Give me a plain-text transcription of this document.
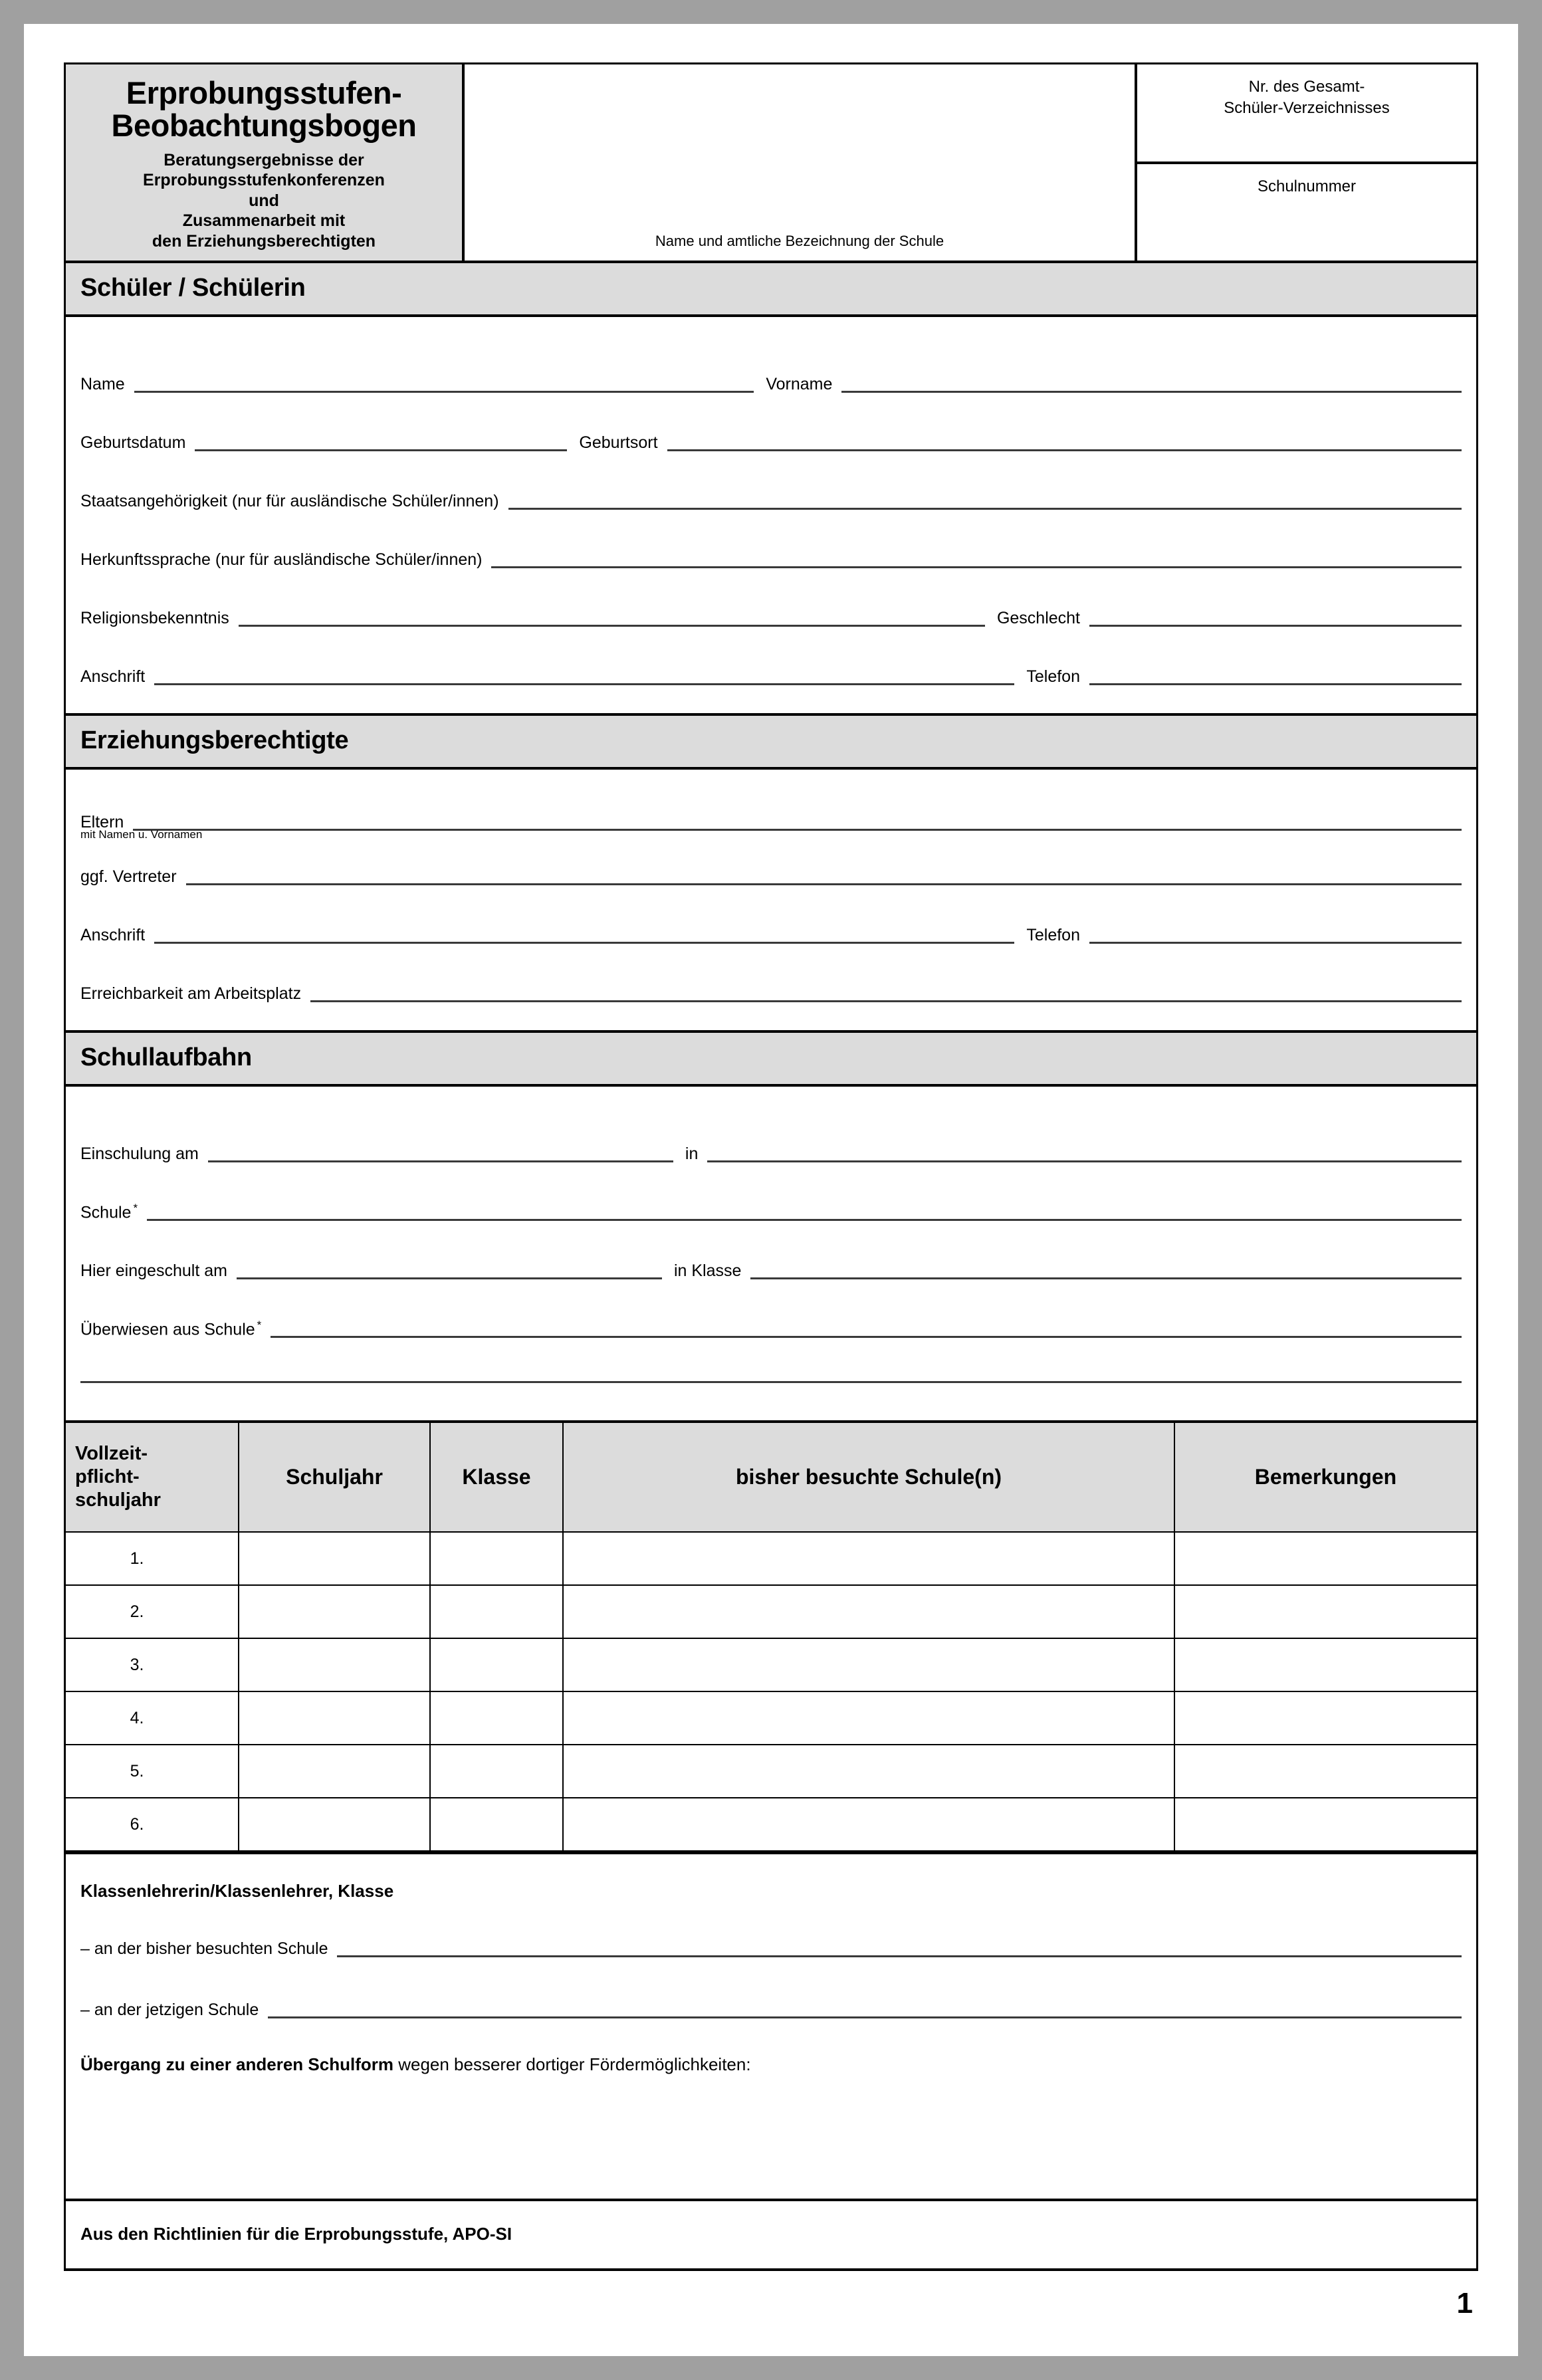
Erprobungsstufen-
Beobachtungsbogen
Beratungsergebnisse der
Erprobungsstufenkonferenzen
und
Zusammenarbeit mit
den Erziehungsberechtigten	Name und amtliche Bezeichnung der Schule
Nr. des Gesamt-
Schüler-Verzeichnisses
Schulnummer
Schüler / Schülerin
Name	Vorname
Geburtsdatum	Geburtsort
Staatsangehörigkeit (nur für ausländische Schüler/innen)
Herkunftssprache (nur für ausländische Schüler/innen)
Religionsbekenntnis	Geschlecht
Anschrift	Telefon
Erziehungsberechtigte
Eltern
mit Namen u. Vornamen
ggf. Vertreter
Anschrift	Telefon
Erreichbarkeit am Arbeitsplatz
Schullaufbahn
Einschulung am	in
Schule *
Hier eingeschult am	in Klasse
Überwiesen aus Schule *
Vollzeit-
pflicht-
schuljahr	Schuljahr	Klasse	bisher besuchte Schule(n)	Bemerkungen
1.				
2.				
3.				
4.				
5.				
6.				
Klassenlehrerin/Klassenlehrer, Klasse
– an der bisher besuchten Schule
– an der jetzigen Schule
Übergang zu einer anderen Schulform wegen besserer dortiger Fördermöglichkeiten:
Aus den Richtlinien für die Erprobungsstufe, APO-SI
1
